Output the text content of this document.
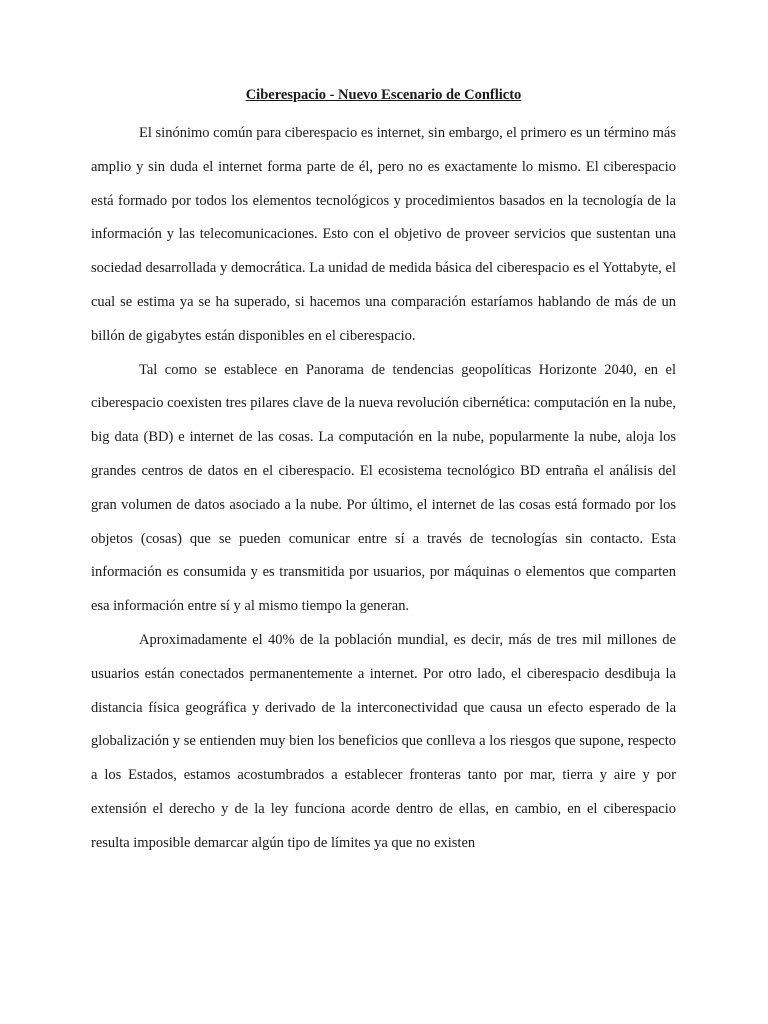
Ciberespacio - Nuevo Escenario de Conflicto

El sinónimo común para ciberespacio es internet, sin embargo, el primero es un término más amplio y sin duda el internet forma parte de él, pero no es exactamente lo mismo. El ciberespacio está formado por todos los elementos tecnológicos y procedimientos basados en la tecnología de la información y las telecomunicaciones. Esto con el objetivo de proveer servicios que sustentan una sociedad desarrollada y democrática. La unidad de medida básica del ciberespacio es el Yottabyte, el cual se estima ya se ha superado, si hacemos una comparación estaríamos hablando de más de un billón de gigabytes están disponibles en el ciberespacio.

Tal como se establece en Panorama de tendencias geopolíticas Horizonte 2040, en el ciberespacio coexisten tres pilares clave de la nueva revolución cibernética: computación en la nube, big data (BD) e internet de las cosas. La computación en la nube, popularmente la nube, aloja los grandes centros de datos en el ciberespacio. El ecosistema tecnológico BD entraña el análisis del gran volumen de datos asociado a la nube. Por último, el internet de las cosas está formado por los objetos (cosas) que se pueden comunicar entre sí a través de tecnologías sin contacto. Esta información es consumida y es transmitida por usuarios, por máquinas o elementos que comparten esa información entre sí y al mismo tiempo la generan.

Aproximadamente el 40% de la población mundial, es decir, más de tres mil millones de usuarios están conectados permanentemente a internet. Por otro lado, el ciberespacio desdibuja la distancia física geográfica y derivado de la interconectividad que causa un efecto esperado de la globalización y se entienden muy bien los beneficios que conlleva a los riesgos que supone, respecto a los Estados, estamos acostumbrados a establecer fronteras tanto por mar, tierra y aire y por extensión el derecho y de la ley funciona acorde dentro de ellas, en cambio, en el ciberespacio resulta imposible demarcar algún tipo de límites ya que no existen
